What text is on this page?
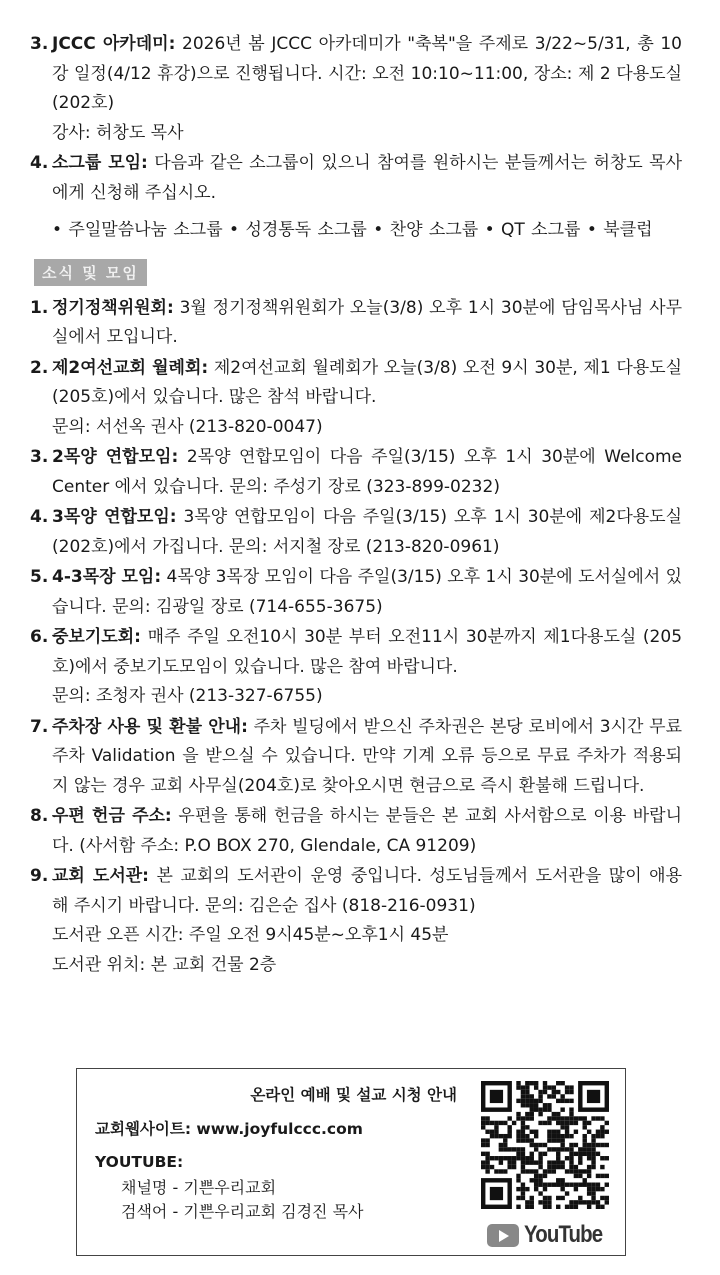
3. JCCC 아카데미: 2026년 봄 JCCC 아카데미가 "축복"을 주제로 3/22~5/31, 총 10강 일정(4/12 휴강)으로 진행됩니다. 시간: 오전 10:10~11:00, 장소: 제 2 다용도실(202호)
강사: 허창도 목사
4. 소그룹 모임: 다음과 같은 소그룹이 있으니 참여를 원하시는 분들께서는 허창도 목사에게 신청해 주십시오.
• 주일말씀나눔 소그룹 • 성경통독 소그룹 • 찬양 소그룹 • QT 소그룹 • 북클럽
소식 및 모임
1. 정기정책위원회: 3월 정기정책위원회가 오늘(3/8) 오후 1시 30분에 담임목사님 사무실에서 모입니다.
2. 제2여선교회 월례회: 제2여선교회 월례회가 오늘(3/8) 오전 9시 30분, 제1 다용도실(205호)에서 있습니다. 많은 참석 바랍니다.
문의: 서선옥 권사 (213-820-0047)
3. 2목양 연합모임: 2목양 연합모임이 다음 주일(3/15) 오후 1시 30분에 Welcome Center 에서 있습니다. 문의: 주성기 장로 (323-899-0232)
4. 3목양 연합모임: 3목양 연합모임이 다음 주일(3/15) 오후 1시 30분에 제2다용도실 (202호)에서 가집니다. 문의: 서지철 장로 (213-820-0961)
5. 4-3목장 모임: 4목양 3목장 모임이 다음 주일(3/15) 오후 1시 30분에 도서실에서 있습니다. 문의: 김광일 장로 (714-655-3675)
6. 중보기도회: 매주 주일 오전10시 30분 부터 오전11시 30분까지 제1다용도실 (205호)에서 중보기도모임이 있습니다. 많은 참여 바랍니다.
문의: 조청자 권사 (213-327-6755)
7. 주차장 사용 및 환불 안내: 주차 빌딩에서 받으신 주차권은 본당 로비에서 3시간 무료주차 Validation 을 받으실 수 있습니다. 만약 기계 오류 등으로 무료 주차가 적용되지 않는 경우 교회 사무실(204호)로 찾아오시면 현금으로 즉시 환불해 드립니다.
8. 우편 헌금 주소: 우편을 통해 헌금을 하시는 분들은 본 교회 사서함으로 이용 바랍니다. (사서함 주소: P.O BOX 270, Glendale, CA 91209)
9. 교회 도서관: 본 교회의 도서관이 운영 중입니다. 성도님들께서 도서관을 많이 애용 해 주시기 바랍니다. 문의: 김은순 집사 (818-216-0931)
도서관 오픈 시간: 주일 오전 9시45분~오후1시 45분
도서관 위치: 본 교회 건물 2층
온라인 예배 및 설교 시청 안내
교회웹사이트: www.joyfulccc.com
YOUTUBE:
채널명 - 기쁜우리교회
검색어 - 기쁜우리교회 김경진 목사
YouTube
